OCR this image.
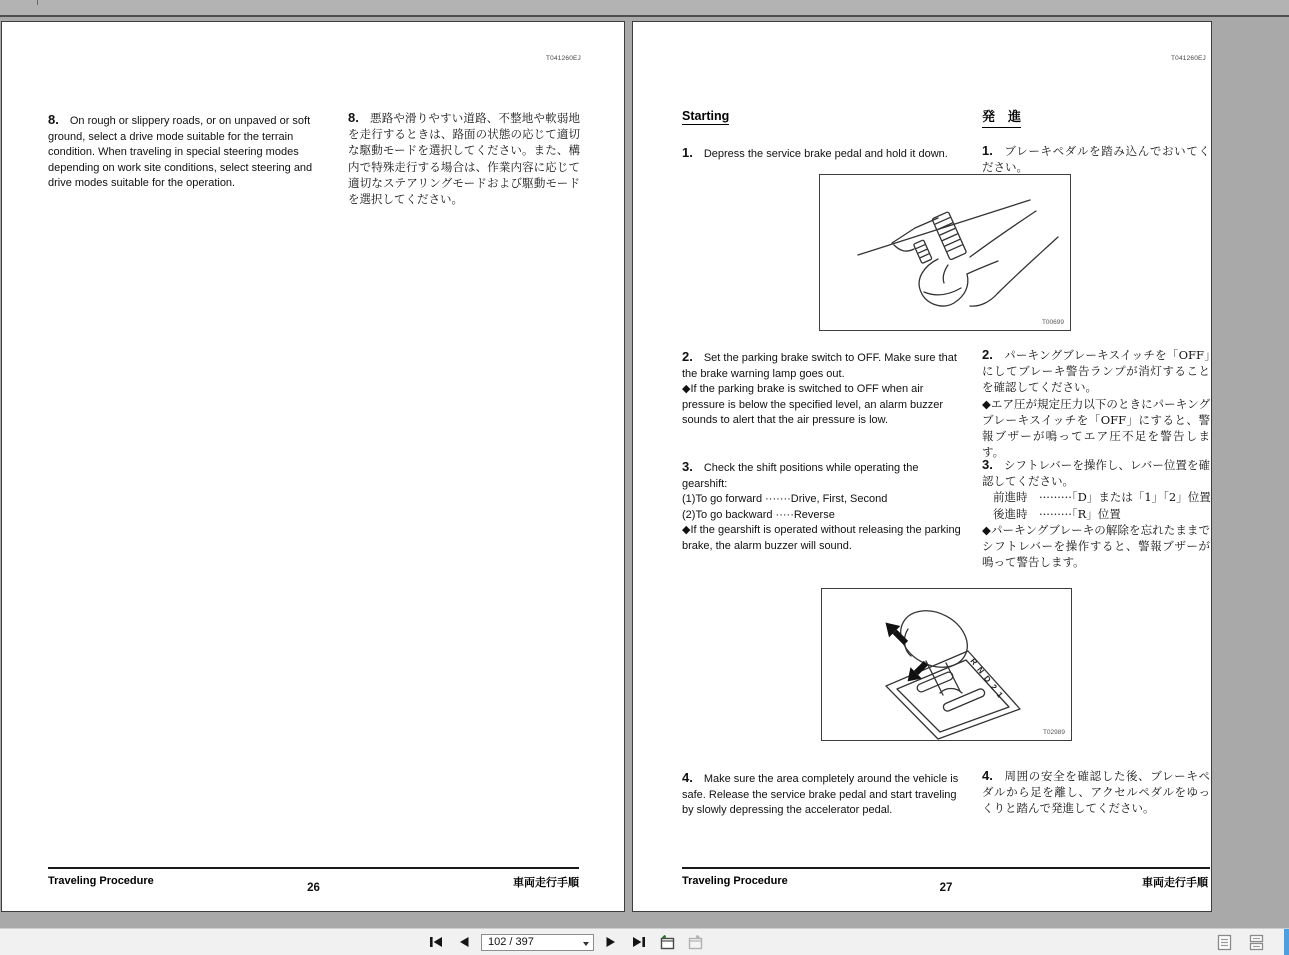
T041260EJ

8. On rough or slippery roads, or on unpaved or soft ground, select a drive mode suitable for the terrain condition. When traveling in special steering modes depending on work site conditions, select steering and drive modes suitable for the operation.

8. 悪路や滑りやすい道路、不整地や軟弱地を走行するときは、路面の状態の応じて適切な駆動モードを選択してください。また、構内で特殊走行する場合は、作業内容に応じて適切なステアリングモードおよび駆動モードを選択してください。

Traveling Procedure
26	車両走行手順
T041260EJ
Starting	発　進

1. Depress the service brake pedal and hold it down.	1. ブレーキペダルを踏み込んでおいてください。

T00699

2. Set the parking brake switch to OFF. Make sure that the brake warning lamp goes out.

◆If the parking brake is switched to OFF when air pressure is below the specified level, an alarm buzzer sounds to alert that the air pressure is low.

2. パーキングブレーキスイッチを「OFF」にしてブレーキ警告ランプが消灯することを確認してください。

◆エア圧が規定圧力以下のときにパーキングブレーキスイッチを「OFF」にすると、警報ブザーが鳴ってエア圧不足を警告します。

3. Check the shift positions while operating the gearshift:

(1)To go forward ·······Drive, First, Second
(2)To go backward ·····Reverse

◆If the gearshift is operated without releasing the parking brake, the alarm buzzer will sound.

3. シフトレバーを操作し、レバー位置を確認してください。

前進時　·········「D」または「1」「2」位置
後進時　·········「R」位置

◆パーキングブレーキの解除を忘れたままでシフトレバーを操作すると、警報ブザーが鳴って警告します。

R N D 2 1
T02989

4. Make sure the area completely around the vehicle is safe. Release the service brake pedal and start traveling by slowly depressing the accelerator pedal.

4. 周囲の安全を確認した後、ブレーキペダルから足を離し、アクセルペダルをゆっくりと踏んで発進してください。

Traveling Procedure
27	車両走行手順
102 / 397
